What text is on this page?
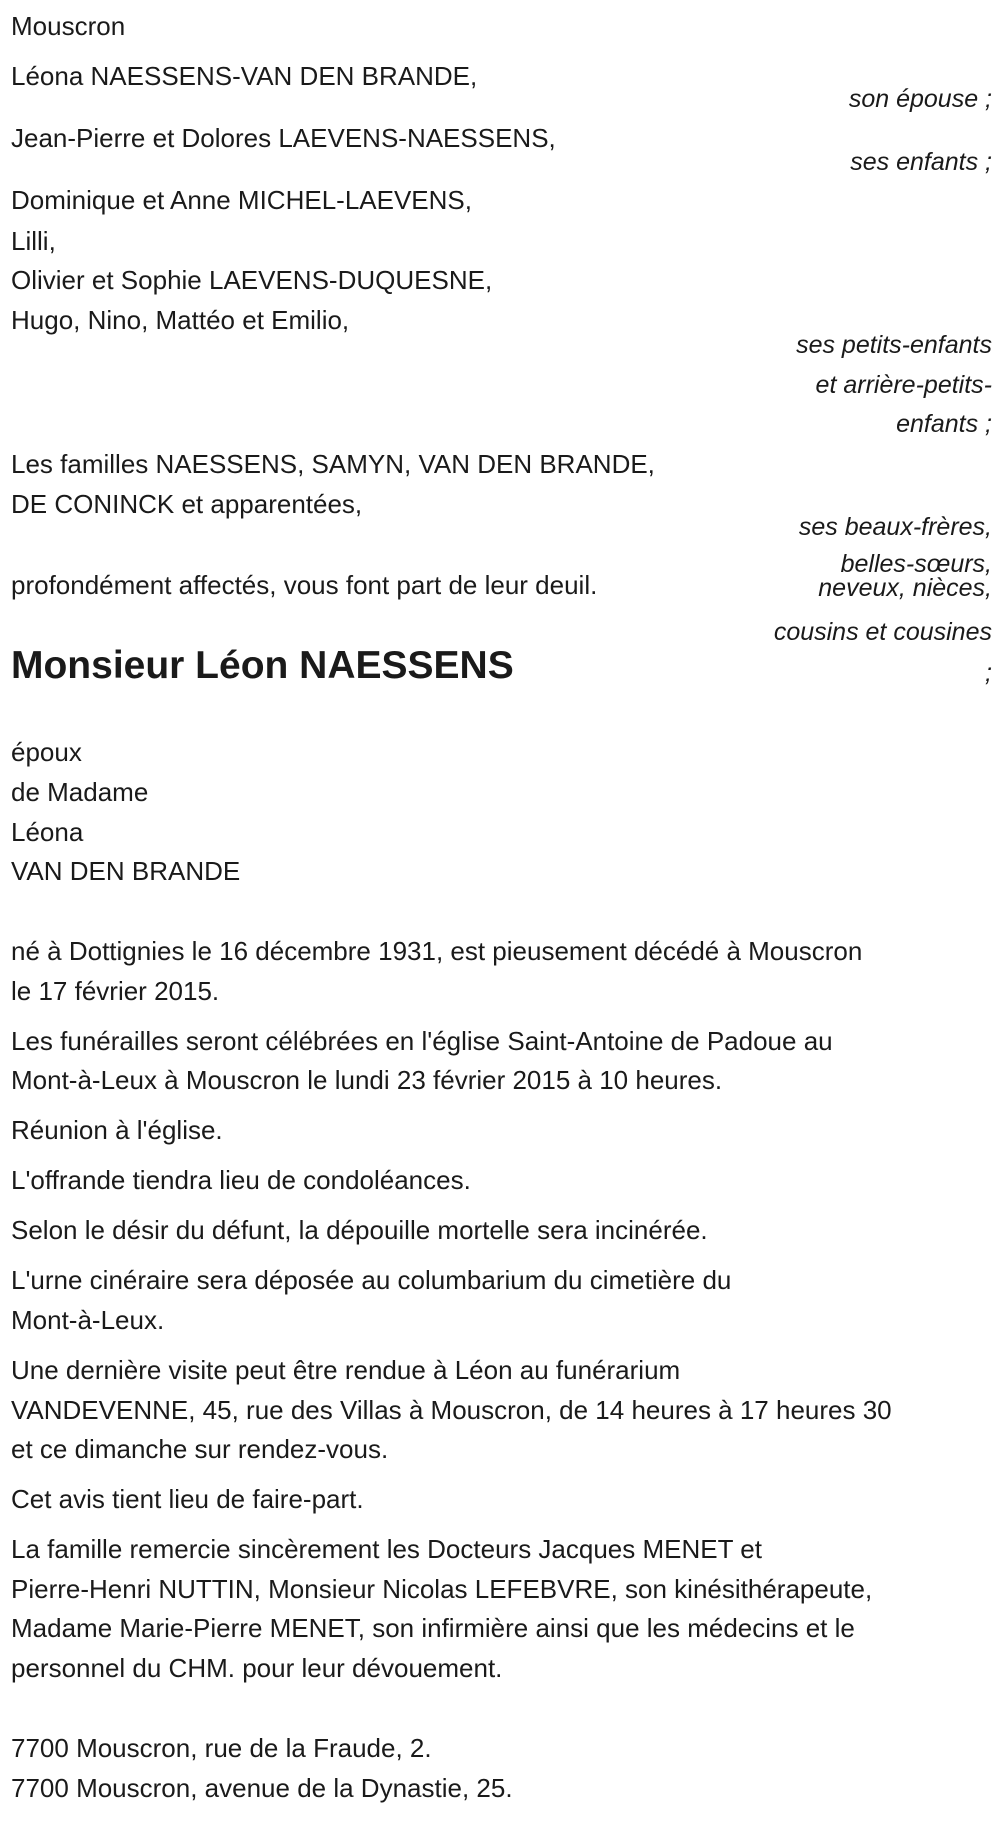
Mouscron
Léona NAESSENS-VAN DEN BRANDE,
son épouse ;
Jean-Pierre et Dolores LAEVENS-NAESSENS,
ses enfants ;
Dominique et Anne MICHEL-LAEVENS,
Lilli,
Olivier et Sophie LAEVENS-DUQUESNE,
Hugo, Nino, Mattéo et Emilio,
ses petits-enfants
et arrière-petits-
enfants ;
Les familles NAESSENS, SAMYN, VAN DEN BRANDE,
DE CONINCK et apparentées,
ses beaux-frères,
belles-sœurs,
neveux, nièces,
cousins et cousines
;
profondément affectés, vous font part de leur deuil.
Monsieur Léon NAESSENS
époux
de Madame
Léona
VAN DEN BRANDE
né à Dottignies le 16 décembre 1931, est pieusement décédé à Mouscron
le 17 février 2015.
Les funérailles seront célébrées en l'église Saint-Antoine de Padoue au
Mont-à-Leux à Mouscron le lundi 23 février 2015 à 10 heures.
Réunion à l'église.
L'offrande tiendra lieu de condoléances.
Selon le désir du défunt, la dépouille mortelle sera incinérée.
L'urne cinéraire sera déposée au columbarium du cimetière du
Mont-à-Leux.
Une dernière visite peut être rendue à Léon au funérarium
VANDEVENNE, 45, rue des Villas à Mouscron, de 14 heures à 17 heures 30
et ce dimanche sur rendez-vous.
Cet avis tient lieu de faire-part.
La famille remercie sincèrement les Docteurs Jacques MENET et
Pierre-Henri NUTTIN, Monsieur Nicolas LEFEBVRE, son kinésithérapeute,
Madame Marie-Pierre MENET, son infirmière ainsi que les médecins et le
personnel du CHM. pour leur dévouement.
7700 Mouscron, rue de la Fraude, 2.
7700 Mouscron, avenue de la Dynastie, 25.
